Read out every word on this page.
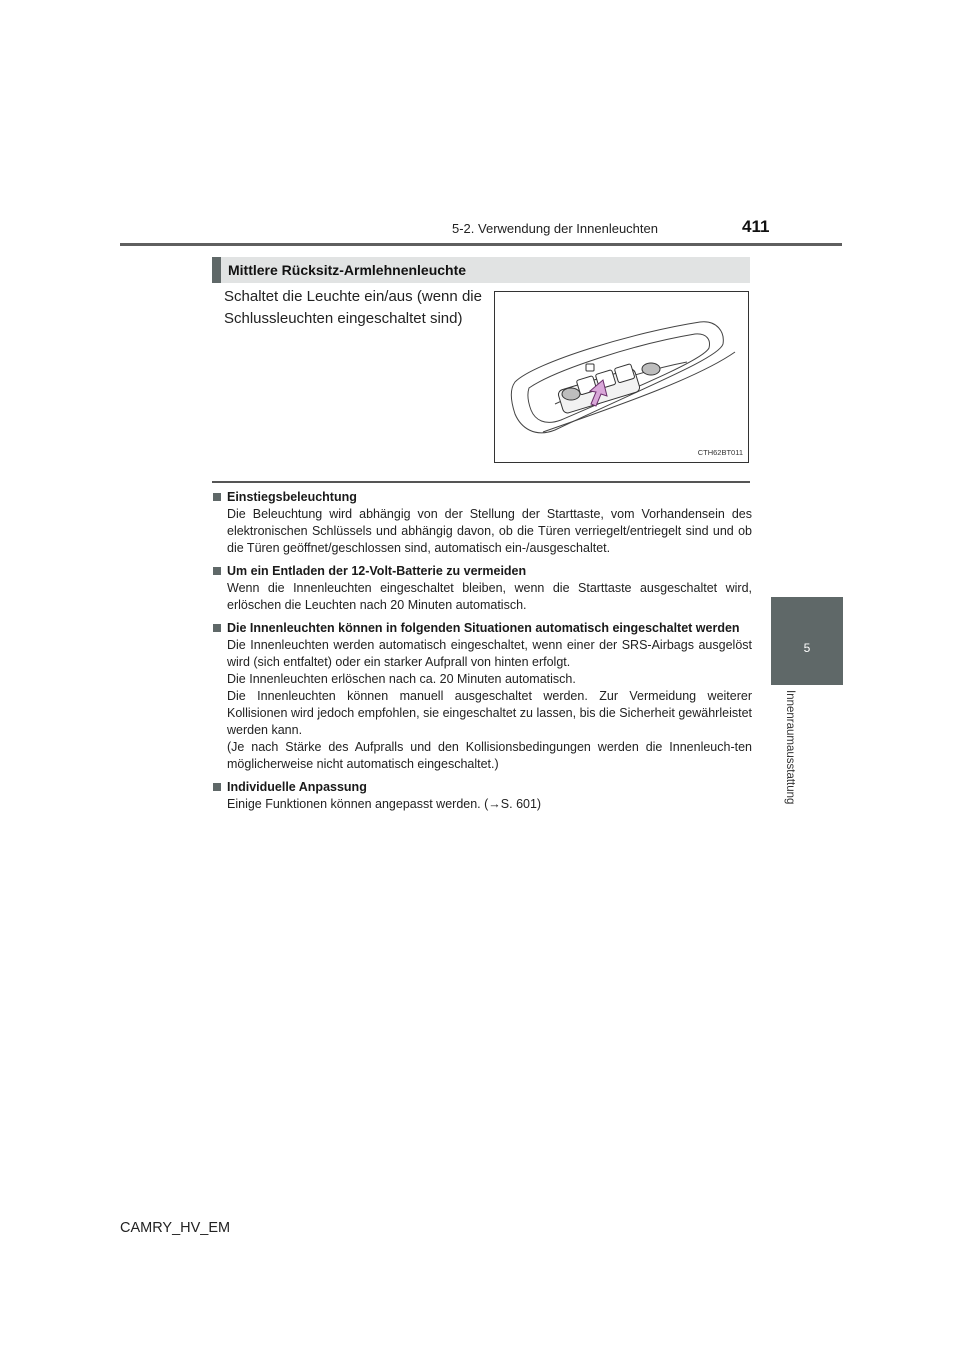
5-2. Verwendung der Innenleuchten	411
5
Innenraumausstattung
Mittlere Rücksitz-Armlehnenleuchte
Schaltet die Leuchte ein/aus (wenn die Schlussleuchten eingeschaltet sind)
CTH62BT011
Einstiegsbeleuchtung

Die Beleuchtung wird abhängig von der Stellung der Starttaste, vom Vorhandensein des elektronischen Schlüssels und abhängig davon, ob die Türen verriegelt/entriegelt sind und ob die Türen geöffnet/geschlossen sind, automatisch ein-/ausgeschaltet.

Um ein Entladen der 12-Volt-Batterie zu vermeiden

Wenn die Innenleuchten eingeschaltet bleiben, wenn die Starttaste ausgeschaltet wird, erlöschen die Leuchten nach 20 Minuten automatisch.

Die Innenleuchten können in folgenden Situationen automatisch eingeschaltet werden

Die Innenleuchten werden automatisch eingeschaltet, wenn einer der SRS-Airbags ausgelöst wird (sich entfaltet) oder ein starker Aufprall von hinten erfolgt.

Die Innenleuchten erlöschen nach ca. 20 Minuten automatisch.

Die Innenleuchten können manuell ausgeschaltet werden. Zur Vermeidung weiterer Kollisionen wird jedoch empfohlen, sie eingeschaltet zu lassen, bis die Sicherheit gewährleistet werden kann.

(Je nach Stärke des Aufpralls und den Kollisionsbedingungen werden die Innenleuch-ten möglicherweise nicht automatisch eingeschaltet.)

Individuelle Anpassung

Einige Funktionen können angepasst werden. (→S. 601)

CAMRY_HV_EM
